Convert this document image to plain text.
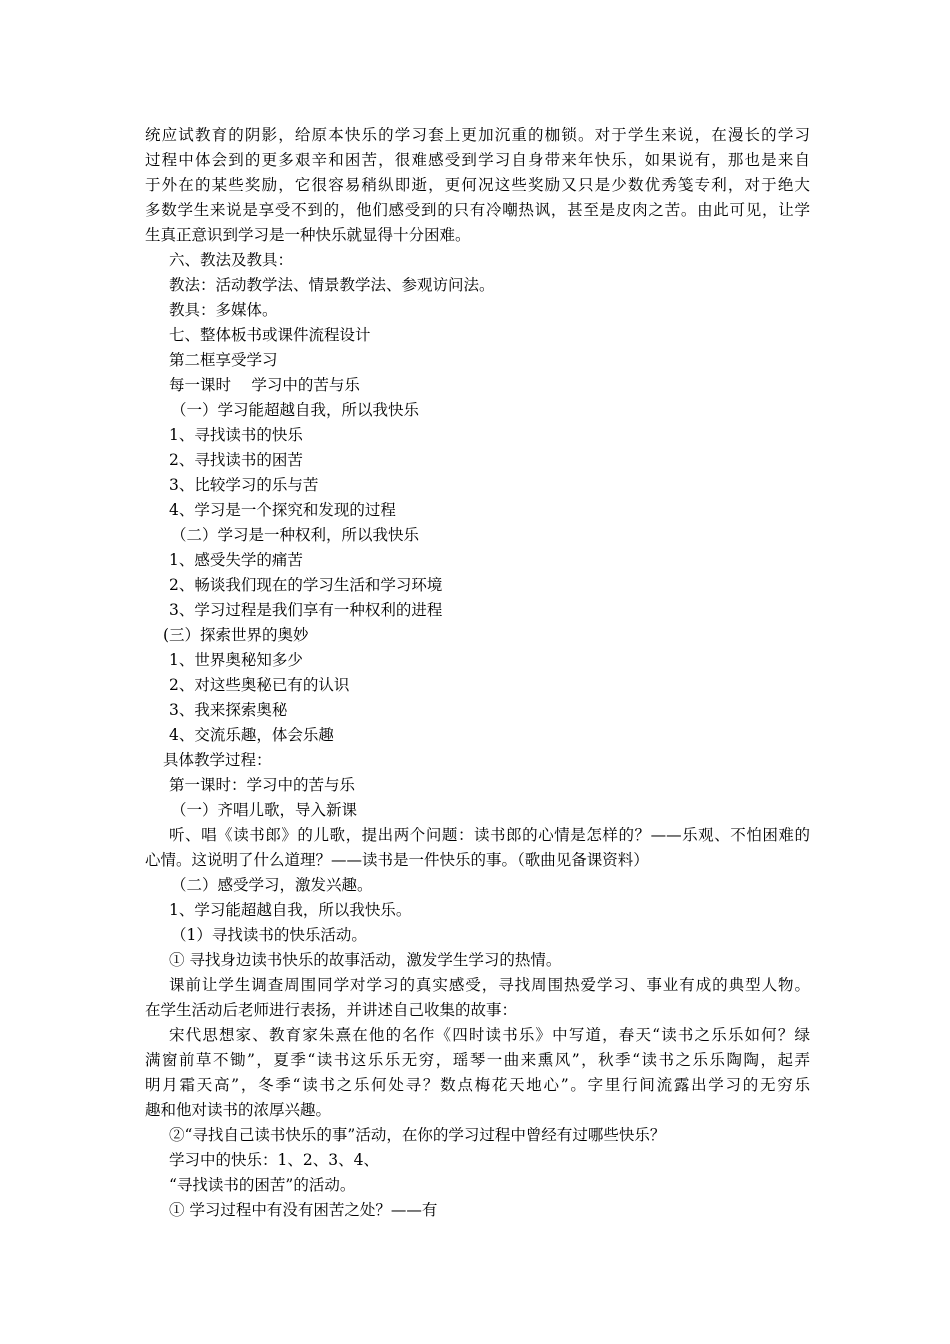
统应试教育的阴影，给原本快乐的学习套上更加沉重的枷锁。对于学生来说，在漫长的学习
过程中体会到的更多艰辛和困苦，很难感受到学习自身带来年快乐，如果说有，那也是来自
于外在的某些奖励，它很容易稍纵即逝，更何况这些奖励又只是少数优秀笺专利，对于绝大
多数学生来说是享受不到的，他们感受到的只有冷嘲热讽，甚至是皮肉之苦。由此可见，让学
生真正意识到学习是一种快乐就显得十分困难。
六、教法及教具：
教法：活动教学法、情景教学法、参观访问法。
教具：多媒体。
七、整体板书或课件流程设计
第二框享受学习
每一课时　 学习中的苦与乐
（一）学习能超越自我，所以我快乐
1、寻找读书的快乐
2、寻找读书的困苦
3、比较学习的乐与苦
4、学习是一个探究和发现的过程
（二）学习是一种权利，所以我快乐
1、感受失学的痛苦
2、畅谈我们现在的学习生活和学习环境
3、学习过程是我们享有一种权利的进程
(三）探索世界的奥妙
1、世界奥秘知多少
2、对这些奥秘已有的认识
3、我来探索奥秘
4、交流乐趣，体会乐趣
具体教学过程：
第一课时：学习中的苦与乐
（一）齐唱儿歌，导入新课
听、唱《读书郎》的儿歌，提出两个问题：读书郎的心情是怎样的？——乐观、不怕困难的
心情。这说明了什么道理？——读书是一件快乐的事。（歌曲见备课资料）
（二）感受学习，激发兴趣。
1、学习能超越自我，所以我快乐。
（1）寻找读书的快乐活动。
① 寻找身边读书快乐的故事活动，激发学生学习的热情。
课前让学生调查周围同学对学习的真实感受，寻找周围热爱学习、事业有成的典型人物。
在学生活动后老师进行表扬，并讲述自己收集的故事：
宋代思想家、教育家朱熹在他的名作《四时读书乐》中写道，春天“读书之乐乐如何？绿
满窗前草不锄”，夏季“读书这乐乐无穷，瑶琴一曲来熏风”，秋季“读书之乐乐陶陶，起弄
明月霜天高”，冬季“读书之乐何处寻？数点梅花天地心”。字里行间流露出学习的无穷乐
趣和他对读书的浓厚兴趣。
②“寻找自己读书快乐的事”活动，在你的学习过程中曾经有过哪些快乐？
学习中的快乐：1、2、3、4、
“寻找读书的困苦”的活动。
① 学习过程中有没有困苦之处？——有
